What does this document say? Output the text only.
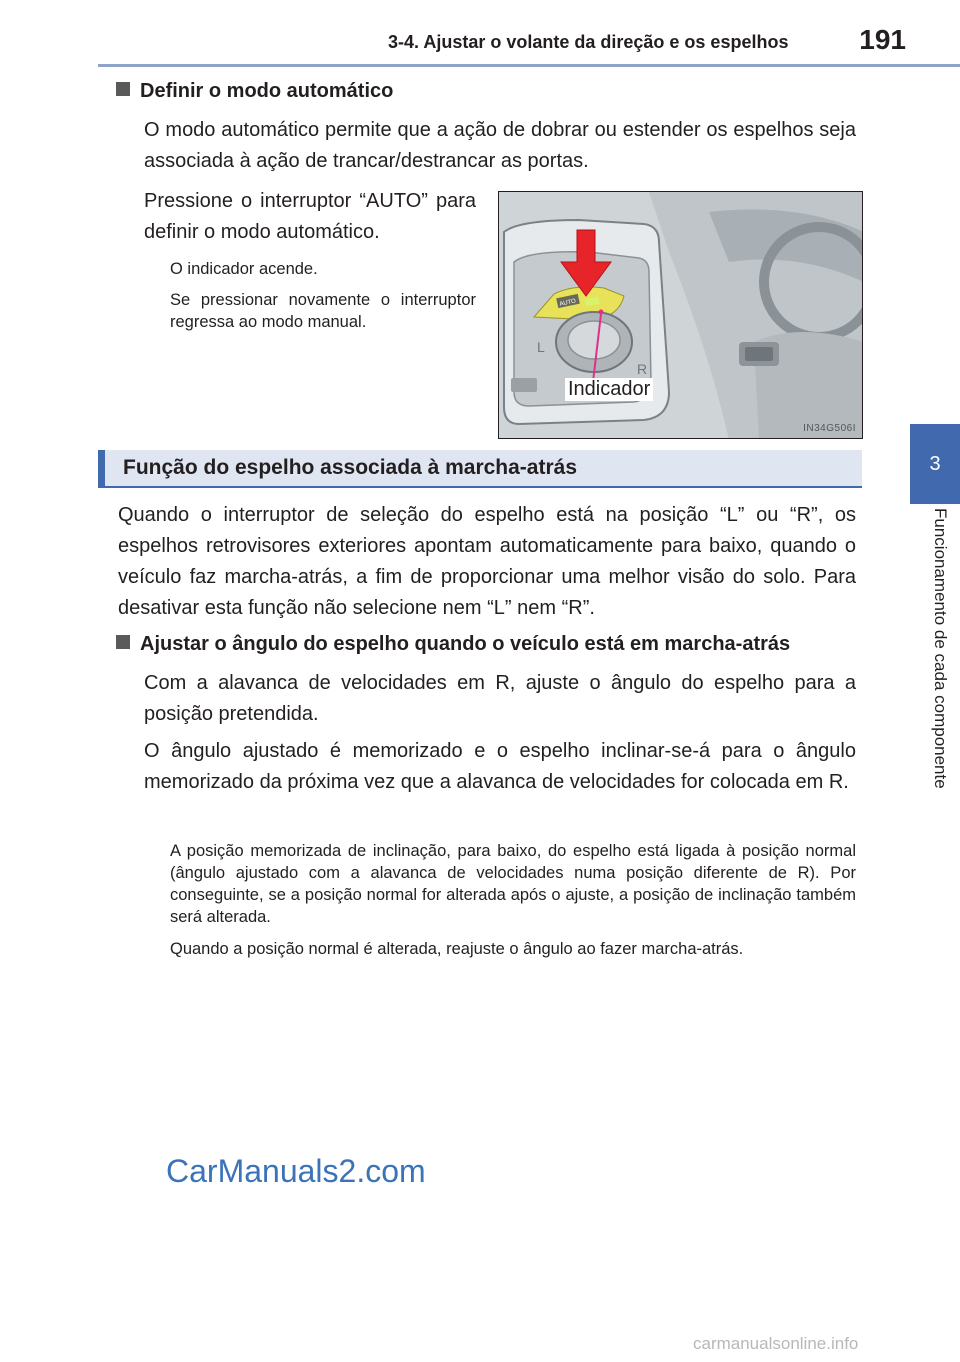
3-4. Ajustar o volante da direção e os espelhos	191
3
Funcionamento de cada componente
Definir o modo automático
O modo automático permite que a ação de dobrar ou estender os espelhos seja associada à ação de trancar/destrancar as portas.
Pressione o interruptor “AUTO” para definir o modo automático.
O indicador acende.
Se pressionar novamente o interruptor regressa ao modo manual.
AUTO
L
R
Indicador
IN34G506I
Função do espelho associada à marcha-atrás
Quando o interruptor de seleção do espelho está na posição “L” ou “R”, os espelhos retrovisores exteriores apontam automaticamente para baixo, quando o veículo faz marcha-atrás, a fim de proporcionar uma melhor visão do solo. Para desativar esta função não selecione nem “L” nem “R”.
Ajustar o ângulo do espelho quando o veículo está em marcha-atrás
Com a alavanca de velocidades em R, ajuste o ângulo do espelho para a posição pretendida.
O ângulo ajustado é memorizado e o espelho inclinar-se-á para o ângulo memorizado da próxima vez que a alavanca de velocidades for colocada em R.
A posição memorizada de inclinação, para baixo, do espelho está ligada à posição normal (ângulo ajustado com a alavanca de velocidades numa posição diferente de R). Por conseguinte, se a posição normal for alterada após o ajuste, a posição de inclinação também será alterada.
Quando a posição normal é alterada, reajuste o ângulo ao fazer marcha-atrás.
CarManuals2.com
carmanualsonline.info
